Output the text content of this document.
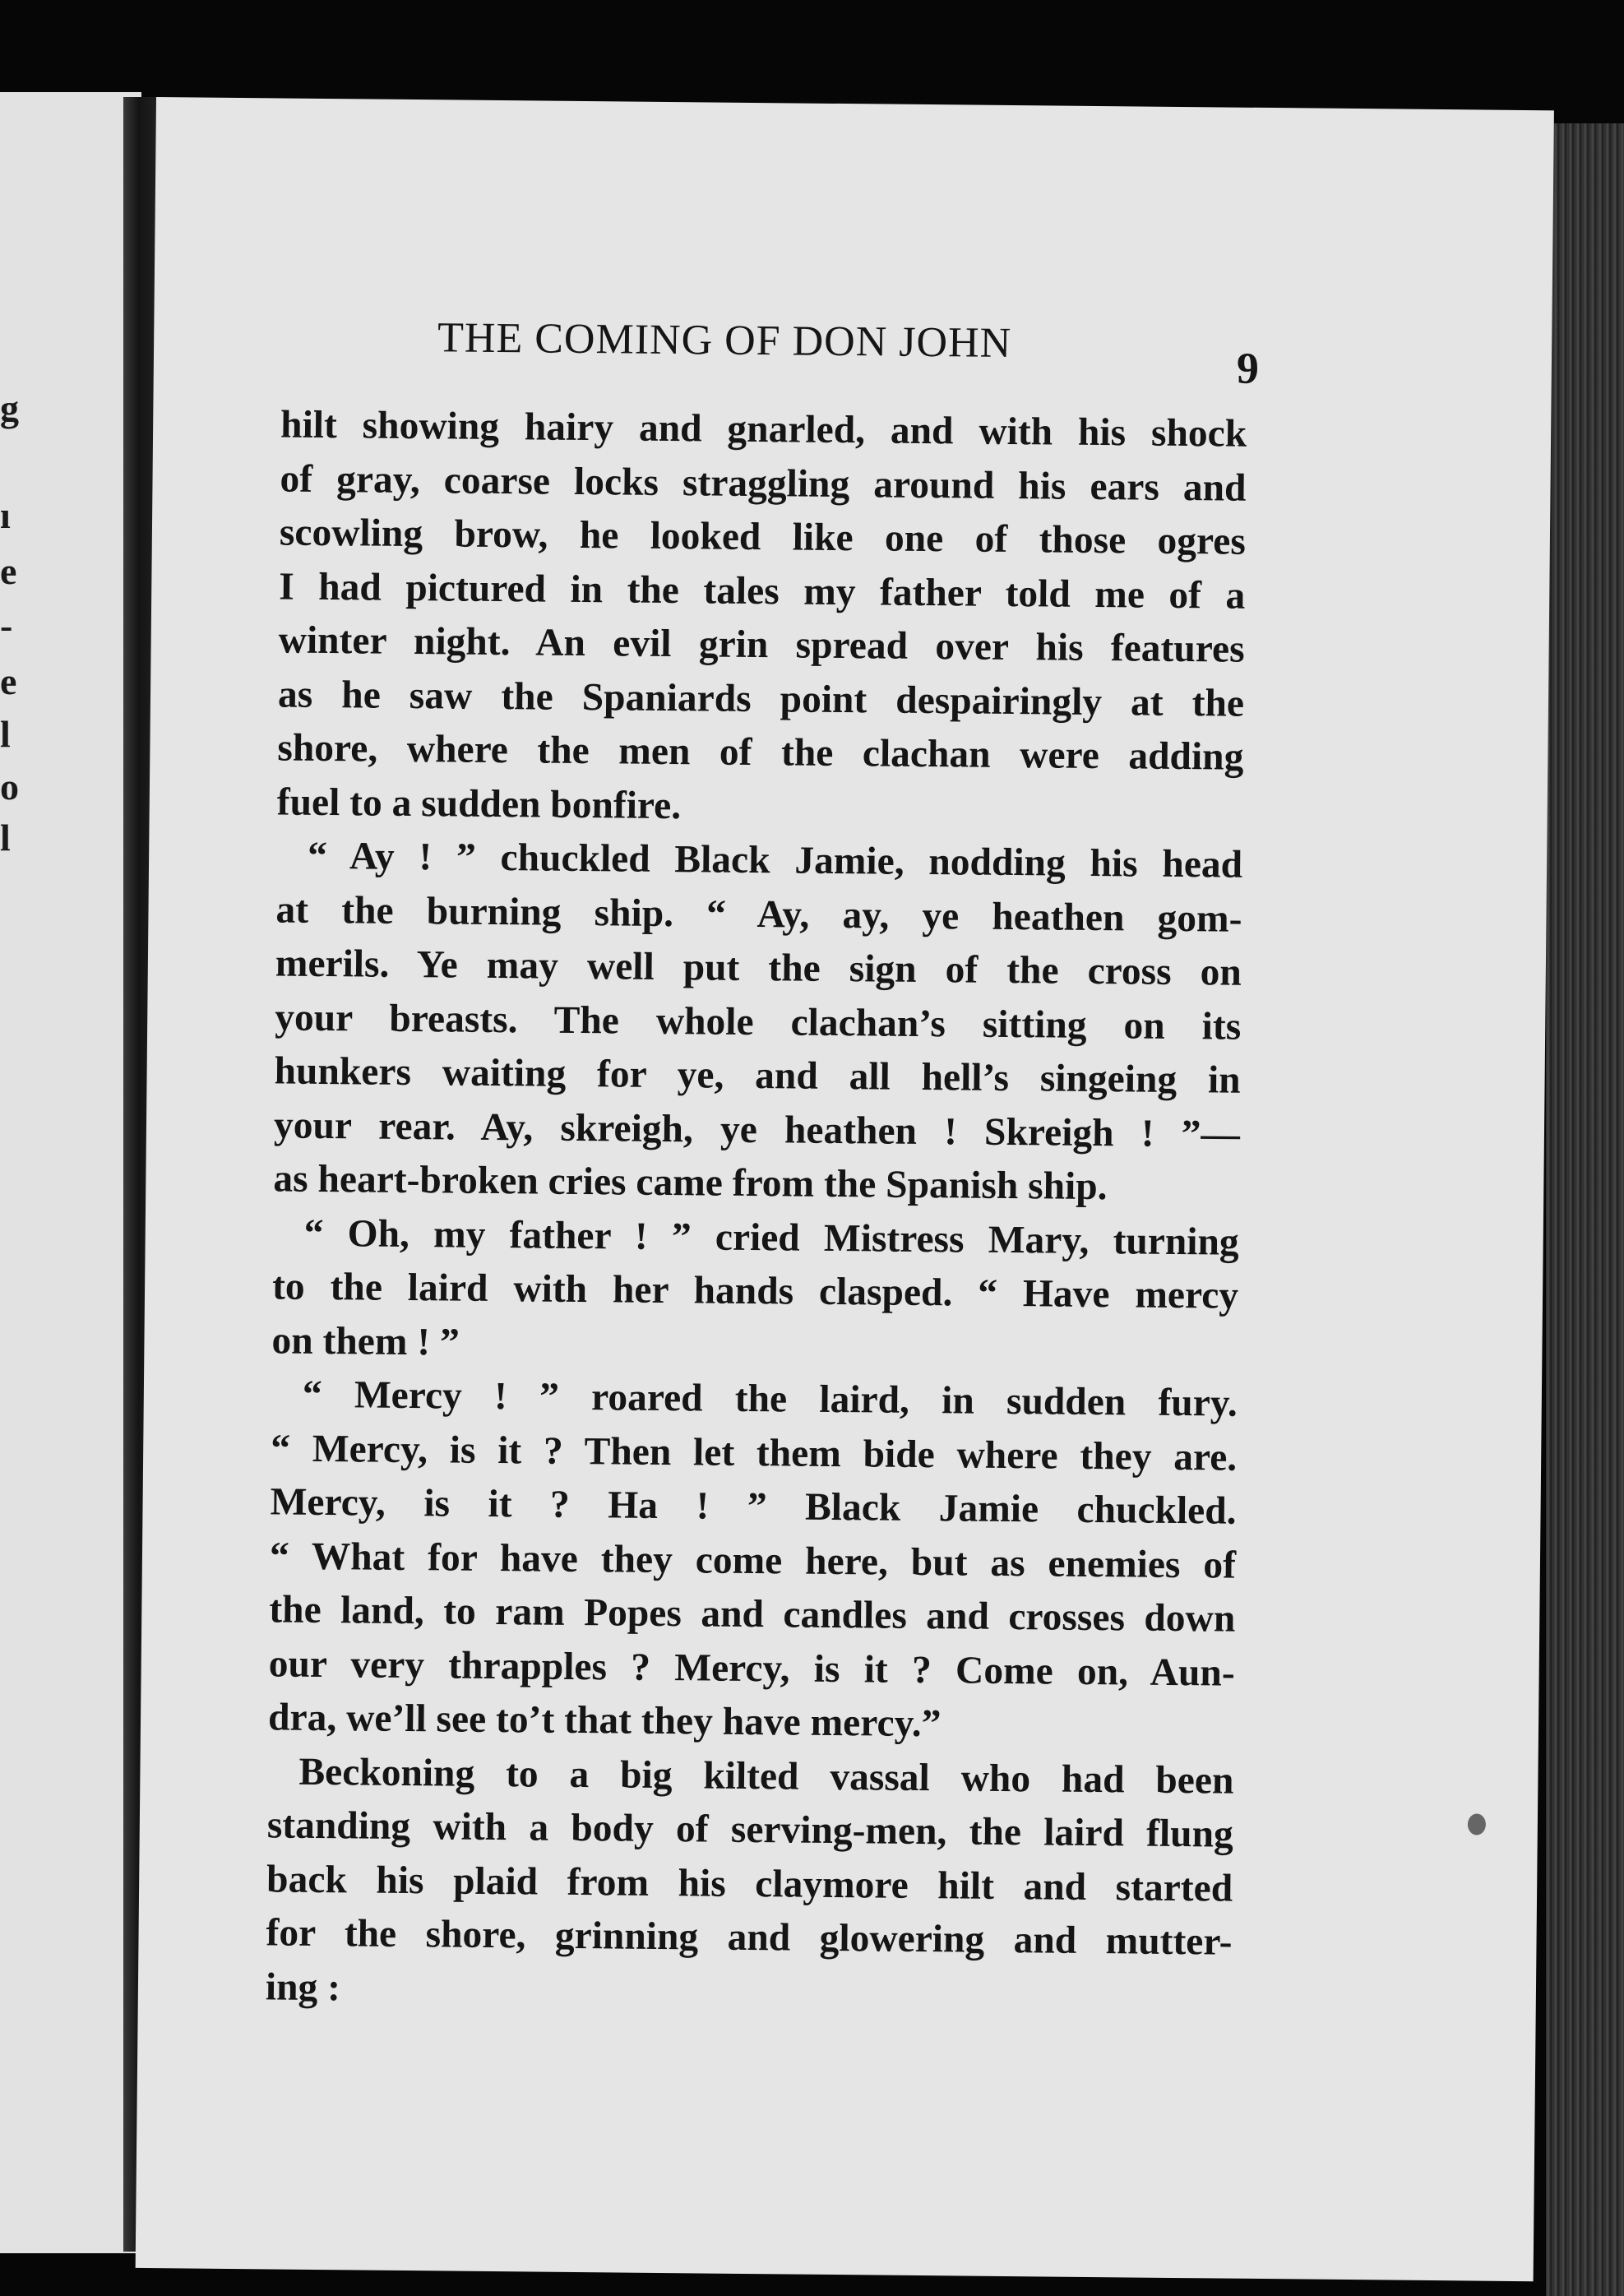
g
ı
e
-
e
l
o
l
THE COMING OF DON JOHN
9
hilt showing hairy and gnarled, and with his shock
of gray, coarse locks straggling around his ears and
scowling brow, he looked like one of those ogres
I had pictured in the tales my father told me of a
winter night. An evil grin spread over his features
as he saw the Spaniards point despairingly at the
shore, where the men of the clachan were adding
fuel to a sudden bonfire.
“ Ay ! ” chuckled Black Jamie, nodding his head
at the burning ship. “ Ay, ay, ye heathen gom-
merils. Ye may well put the sign of the cross on
your breasts. The whole clachan’s sitting on its
hunkers waiting for ye, and all hell’s singeing in
your rear. Ay, skreigh, ye heathen ! Skreigh ! ”—
as heart-broken cries came from the Spanish ship.
“ Oh, my father ! ” cried Mistress Mary, turning
to the laird with her hands clasped. “ Have mercy
on them ! ”
“ Mercy ! ” roared the laird, in sudden fury.
“ Mercy, is it ? Then let them bide where they are.
Mercy, is it ? Ha ! ” Black Jamie chuckled.
“ What for have they come here, but as enemies of
the land, to ram Popes and candles and crosses down
our very thrapples ? Mercy, is it ? Come on, Aun-
dra, we’ll see to’t that they have mercy.”
Beckoning to a big kilted vassal who had been
standing with a body of serving-men, the laird flung
back his plaid from his claymore hilt and started
for the shore, grinning and glowering and mutter-
ing :
